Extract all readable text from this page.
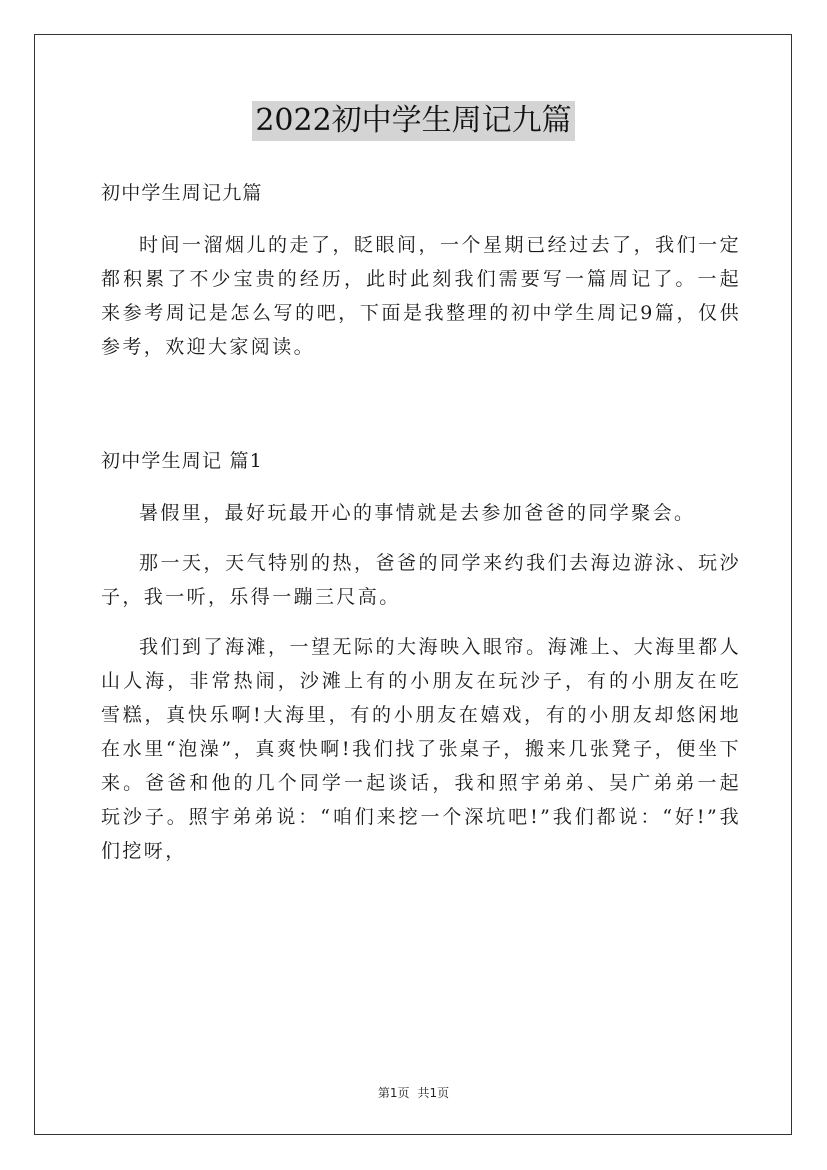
2022初中学生周记九篇
初中学生周记九篇

时间一溜烟儿的走了，眨眼间，一个星期已经过去了，我们一定都积累了不少宝贵的经历，此时此刻我们需要写一篇周记了。一起来参考周记是怎么写的吧，下面是我整理的初中学生周记9篇，仅供参考，欢迎大家阅读。

初中学生周记 篇1

暑假里，最好玩最开心的事情就是去参加爸爸的同学聚会。

那一天，天气特别的热，爸爸的同学来约我们去海边游泳、玩沙子，我一听，乐得一蹦三尺高。

我们到了海滩，一望无际的大海映入眼帘。海滩上、大海里都人山人海，非常热闹，沙滩上有的小朋友在玩沙子，有的小朋友在吃雪糕，真快乐啊!大海里，有的小朋友在嬉戏，有的小朋友却悠闲地在水里“泡澡”，真爽快啊!我们找了张桌子，搬来几张凳子，便坐下来。爸爸和他的几个同学一起谈话，我和照宇弟弟、吴广弟弟一起玩沙子。照宇弟弟说：“咱们来挖一个深坑吧!”我们都说：“好!”我们挖呀，

第1页 共1页
